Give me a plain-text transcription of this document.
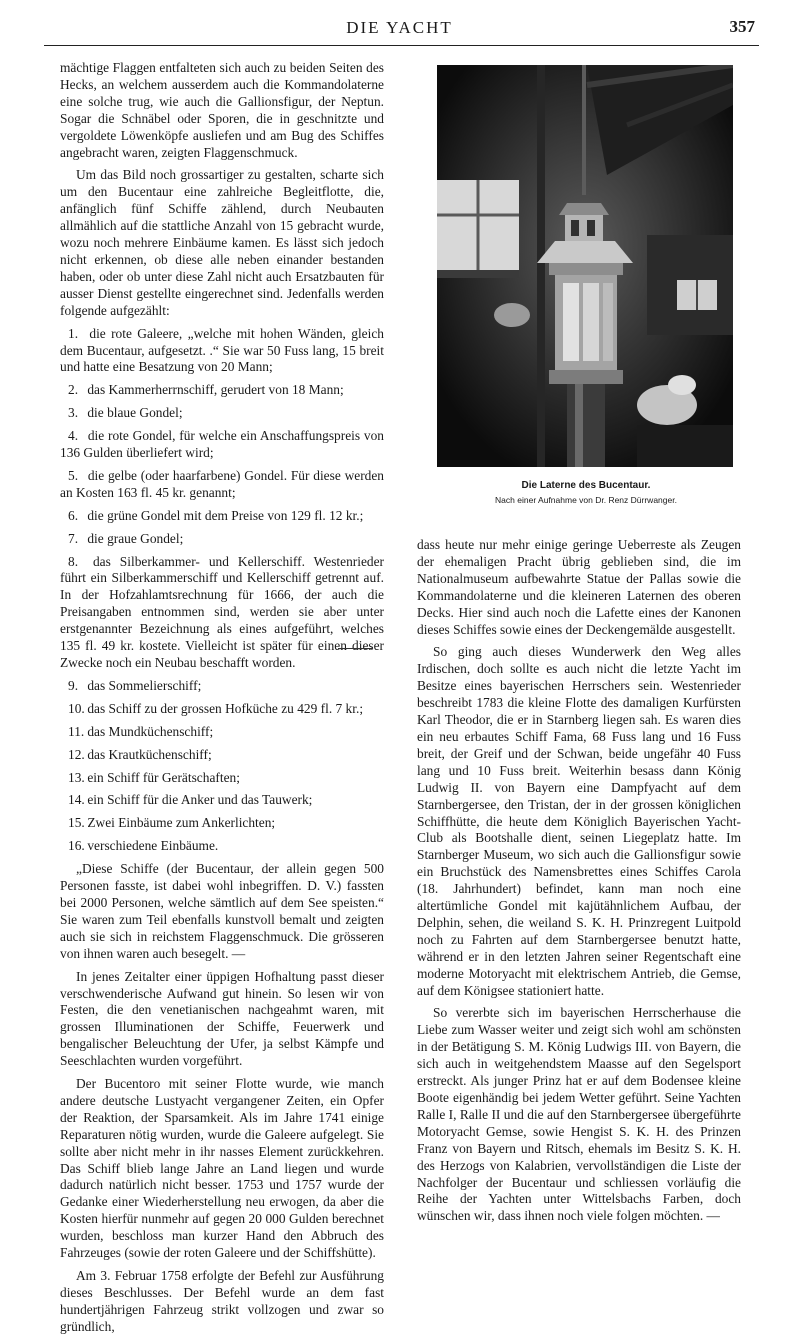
DIE YACHT	357

mächtige Flaggen entfalteten sich auch zu beiden Seiten des Hecks, an welchem ausserdem auch die Kommandolaterne eine solche trug, wie auch die Gallionsfigur, der Neptun. Sogar die Schnäbel oder Sporen, die in geschnitzte und vergoldete Löwenköpfe ausliefen und am Bug des Schiffes angebracht waren, zeigten Flaggenschmuck.

Um das Bild noch grossartiger zu gestalten, scharte sich um den Bucentaur eine zahlreiche Begleitflotte, die, anfänglich fünf Schiffe zählend, durch Neubauten allmählich auf die stattliche Anzahl von 15 gebracht wurde, wozu noch mehrere Einbäume kamen. Es lässt sich jedoch nicht erkennen, ob diese alle neben einander bestanden haben, oder ob unter diese Zahl nicht auch Ersatzbauten für ausser Dienst gestellte eingerechnet sind. Jedenfalls werden folgende aufgezählt:

1. die rote Galeere, „welche mit hohen Wänden, gleich dem Bucentaur, aufgesetzt. .“ Sie war 50 Fuss lang, 15 breit und hatte eine Besatzung von 20 Mann;

2. das Kammerherrnschiff, gerudert von 18 Mann;

3. die blaue Gondel;

4. die rote Gondel, für welche ein Anschaffungspreis von 136 Gulden überliefert wird;

5. die gelbe (oder haarfarbene) Gondel. Für diese werden an Kosten 163 fl. 45 kr. genannt;

6. die grüne Gondel mit dem Preise von 129 fl. 12 kr.;

7. die graue Gondel;

8. das Silberkammer- und Kellerschiff. Westenrieder führt ein Silberkammerschiff und Kellerschiff getrennt auf. In der Hofzahlamtsrechnung für 1666, der auch die Preisangaben entnommen sind, werden sie aber unter erstgenannter Bezeichnung als eines aufgeführt, welches 135 fl. 49 kr. kostete. Vielleicht ist später für einen dieser Zwecke noch ein Neubau beschafft worden.

9. das Sommelierschiff;

10. das Schiff zu der grossen Hofküche zu 429 fl. 7 kr.;

11. das Mundküchenschiff;

12. das Krautküchenschiff;

13. ein Schiff für Gerätschaften;

14. ein Schiff für die Anker und das Tauwerk;

15. Zwei Einbäume zum Ankerlichten;

16. verschiedene Einbäume.

„Diese Schiffe (der Bucentaur, der allein gegen 500 Personen fasste, ist dabei wohl inbegriffen. D. V.) fassten bei 2000 Personen, welche sämtlich auf dem See speisten.“ Sie waren zum Teil ebenfalls kunstvoll bemalt und zeigten auch sie sich in reichstem Flaggenschmuck. Die grösseren von ihnen waren auch besegelt. —

In jenes Zeitalter einer üppigen Hofhaltung passt dieser verschwenderische Aufwand gut hinein. So lesen wir von Festen, die den venetianischen nachgeahmt waren, mit grossen Illuminationen der Schiffe, Feuerwerk und bengalischer Beleuchtung der Ufer, ja selbst Kämpfe und Seeschlachten wurden vorgeführt.

Der Bucentoro mit seiner Flotte wurde, wie manch andere deutsche Lustyacht vergangener Zeiten, ein Opfer der Reaktion, der Sparsamkeit. Als im Jahre 1741 einige Reparaturen nötig wurden, wurde die Galeere aufgelegt. Sie sollte aber nicht mehr in ihr nasses Element zurückkehren. Das Schiff blieb lange Jahre an Land liegen und wurde dadurch natürlich nicht besser. 1753 und 1757 wurde der Gedanke einer Wiederherstellung neu erwogen, da aber die Kosten hierfür nunmehr auf gegen 20 000 Gulden berechnet wurden, beschloss man kurzer Hand den Abbruch des Fahrzeuges (sowie der roten Galeere und der Schiffshütte).

Am 3. Februar 1758 erfolgte der Befehl zur Ausführung dieses Beschlusses. Der Befehl wurde an dem fast hundertjährigen Fahrzeug strikt vollzogen und zwar so gründlich,

Die Laterne des Bucentaur.
Nach einer Aufnahme von Dr. Renz Dürrwanger.

dass heute nur mehr einige geringe Ueberreste als Zeugen der ehemaligen Pracht übrig geblieben sind, die im Nationalmuseum aufbewahrte Statue der Pallas sowie die Kommandolaterne und die kleineren Laternen des oberen Decks. Hier sind auch noch die Lafette eines der Kanonen dieses Schiffes sowie eines der Deckengemälde ausgestellt.

So ging auch dieses Wunderwerk den Weg alles Irdischen, doch sollte es auch nicht die letzte Yacht im Besitze eines bayerischen Herrschers sein. Westenrieder beschreibt 1783 die kleine Flotte des damaligen Kurfürsten Karl Theodor, die er in Starnberg liegen sah. Es waren dies ein neu erbautes Schiff Fama, 68 Fuss lang und 16 Fuss breit, der Greif und der Schwan, beide ungefähr 40 Fuss lang und 10 Fuss breit. Weiterhin besass dann König Ludwig II. von Bayern eine Dampfyacht auf dem Starnbergersee, den Tristan, der in der grossen königlichen Schiffhütte, die heute dem Königlich Bayerischen Yacht-Club als Bootshalle dient, seinen Liegeplatz hatte. Im Starnberger Museum, wo sich auch die Gallionsfigur sowie ein Bruchstück des Namensbrettes eines Schiffes Carola (18. Jahrhundert) befindet, kann man noch eine altertümliche Gondel mit kajütähnlichem Aufbau, der Delphin, sehen, die weiland S. K. H. Prinzregent Luitpold noch zu Fahrten auf dem Starnbergersee benutzt hatte, während er in den letzten Jahren seiner Regentschaft eine moderne Motoryacht mit elektrischem Antrieb, die Gemse, auf dem Königsee stationiert hatte.

So vererbte sich im bayerischen Herrscherhause die Liebe zum Wasser weiter und zeigt sich wohl am schönsten in der Betätigung S. M. König Ludwigs III. von Bayern, die sich auch in weitgehendstem Maasse auf den Segelsport erstreckt. Als junger Prinz hat er auf dem Bodensee kleine Boote eigenhändig bei jedem Wetter geführt. Seine Yachten Ralle I, Ralle II und die auf den Starnbergersee übergeführte Motoryacht Gemse, sowie Hengist S. K. H. des Prinzen Franz von Bayern und Ritsch, ehemals im Besitz S. K. H. des Herzogs von Kalabrien, vervollständigen die Liste der Nachfolger der Bucentaur und schliessen vorläufig die Reihe der Yachten unter Wittelsbachs Farben, doch wünschen wir, dass ihnen noch viele folgen möchten. —
